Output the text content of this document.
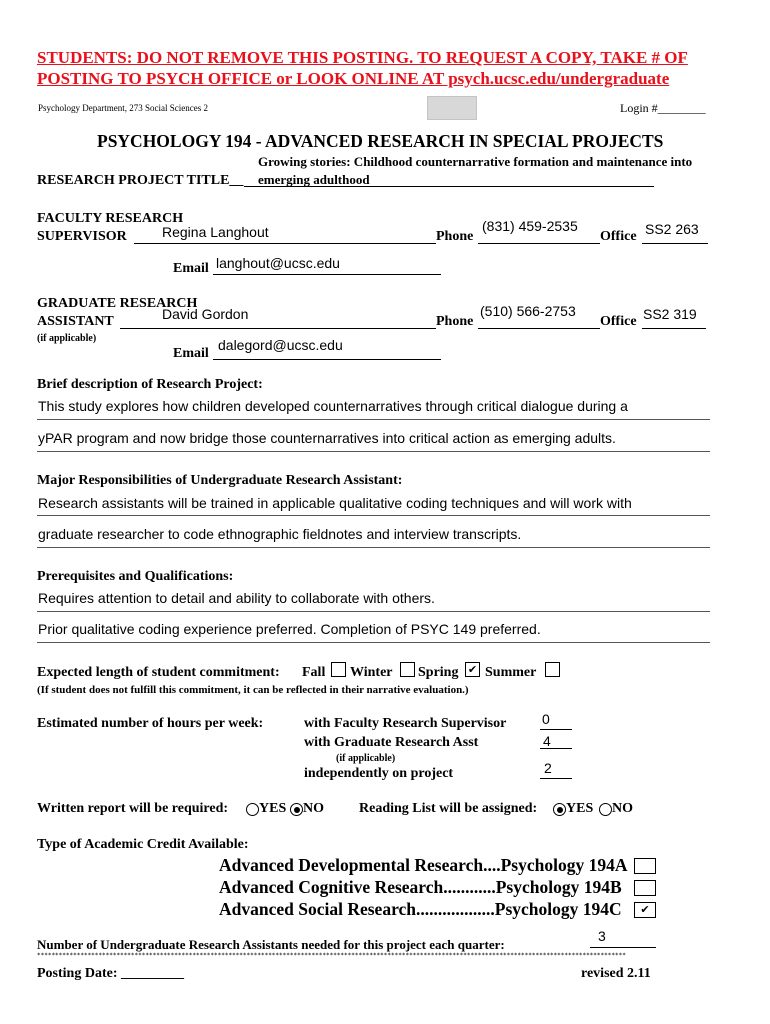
STUDENTS: DO NOT REMOVE THIS POSTING. TO REQUEST A COPY, TAKE # OF
POSTING TO PSYCH OFFICE or LOOK ONLINE AT psych.ucsc.edu/undergraduate
Psychology Department, 273 Social Sciences 2	Login #________
PSYCHOLOGY 194 - ADVANCED RESEARCH IN SPECIAL PROJECTS
Growing stories: Childhood counternarrative formation and maintenance into
RESEARCH PROJECT TITLE__ emerging adulthood
FACULTY RESEARCH
SUPERVISOR	Regina Langhout	Phone
(831) 459-2535
Office SS2 263
Email langhout@ucsc.edu
GRADUATE RESEARCH
ASSISTANT
(if applicable)
David Gordon	Phone
(510) 566-2753
Office SS2 319
Email
dalegord@ucsc.edu
Brief description of Research Project:
This study explores how children developed counternarratives through critical dialogue during a
yPAR program and now bridge those counternarratives into critical action as emerging adults.
Major Responsibilities of Undergraduate Research Assistant:
Research assistants will be trained in applicable qualitative coding techniques and will work with
graduate researcher to code ethnographic fieldnotes and interview transcripts.
Prerequisites and Qualifications:
Requires attention to detail and ability to collaborate with others.
Prior qualitative coding experience preferred. Completion of PSYC 149 preferred.
Expected length of student commitment: Fall Winter Spring ✔ Summer
(If student does not fulfill this commitment, it can be reflected in their narrative evaluation.)
Estimated number of hours per week:	with Faculty Research Supervisor	0
with Graduate Research Asst	4
(if applicable)
independently on project	2
Written report will be required: YES NO	Reading List will be assigned: YES NO
Type of Academic Credit Available:
Advanced Developmental Research....Psychology 194A
Advanced Cognitive Research............Psychology 194B
Advanced Social Research..................Psychology 194C	✔
Number of Undergraduate Research Assistants needed for this project each quarter:
3
*******************************************************************************************************************************************************************
Posting Date: _________	revised 2.11
